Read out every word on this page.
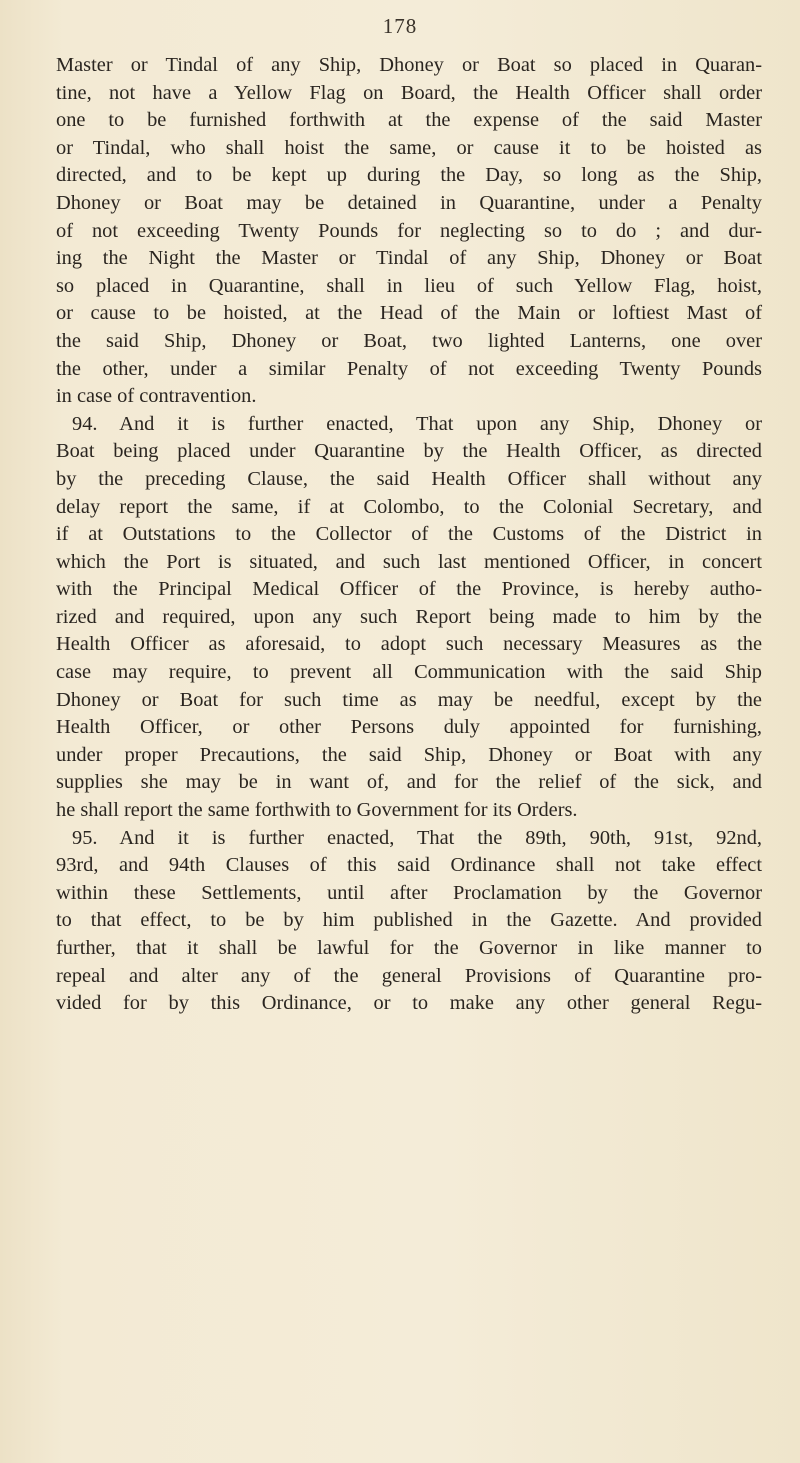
178
Master or Tindal of any Ship, Dhoney or Boat so placed in Quaran-
tine, not have a Yellow Flag on Board, the Health Officer shall order
one to be furnished forthwith at the expense of the said Master
or Tindal, who shall hoist the same, or cause it to be hoisted as
directed, and to be kept up during the Day, so long as the Ship,
Dhoney or Boat may be detained in Quarantine, under a Penalty
of not exceeding Twenty Pounds for neglecting so to do ; and dur-
ing the Night the Master or Tindal of any Ship, Dhoney or Boat
so placed in Quarantine, shall in lieu of such Yellow Flag, hoist,
or cause to be hoisted, at the Head of the Main or loftiest Mast of
the said Ship, Dhoney or Boat, two lighted Lanterns, one over
the other, under a similar Penalty of not exceeding Twenty Pounds
in case of contravention.
94. And it is further enacted, That upon any Ship, Dhoney or
Boat being placed under Quarantine by the Health Officer, as directed
by the preceding Clause, the said Health Officer shall without any
delay report the same, if at Colombo, to the Colonial Secretary, and
if at Outstations to the Collector of the Customs of the District in
which the Port is situated, and such last mentioned Officer, in concert
with the Principal Medical Officer of the Province, is hereby autho-
rized and required, upon any such Report being made to him by the
Health Officer as aforesaid, to adopt such necessary Measures as the
case may require, to prevent all Communication with the said Ship
Dhoney or Boat for such time as may be needful, except by the
Health Officer, or other Persons duly appointed for furnishing,
under proper Precautions, the said Ship, Dhoney or Boat with any
supplies she may be in want of, and for the relief of the sick, and
he shall report the same forthwith to Government for its Orders.
95. And it is further enacted, That the 89th, 90th, 91st, 92nd,
93rd, and 94th Clauses of this said Ordinance shall not take effect
within these Settlements, until after Proclamation by the Governor
to that effect, to be by him published in the Gazette. And provided
further, that it shall be lawful for the Governor in like manner to
repeal and alter any of the general Provisions of Quarantine pro-
vided for by this Ordinance, or to make any other general Regu-
